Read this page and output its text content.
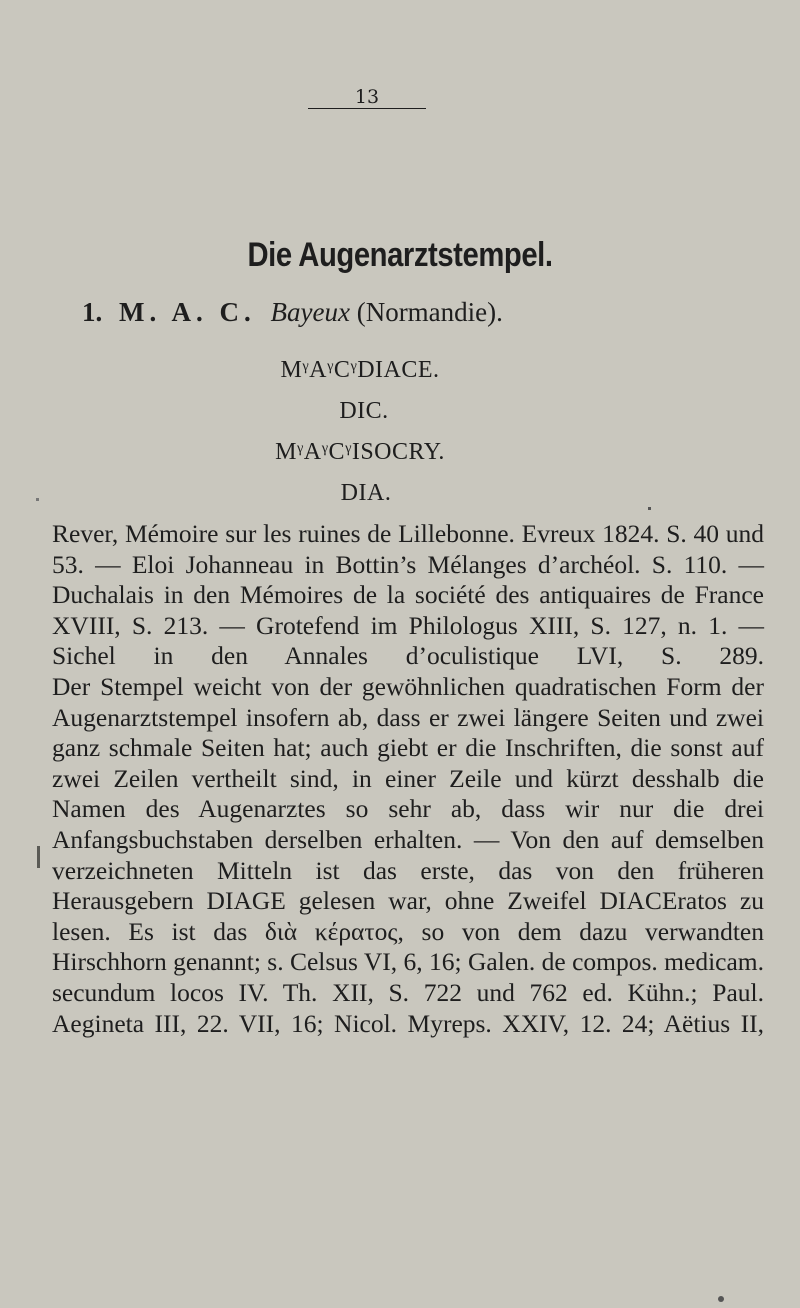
13
Die Augenarztstempel.
1. M. A. C. Bayeux (Normandie).
MᵞAᵞCᵞDIACE.
DIC.
MᵞAᵞCᵞISOCRY.
DIA.

Rever, Mémoire sur les ruines de Lillebonne. Evreux 1824. S. 40 und 53. — Eloi Johanneau in Bottin’s Mélanges d’archéol. S. 110. — Duchalais in den Mémoires de la société des antiquaires de France XVIII, S. 213. — Grotefend im Philologus XIII, S. 127, n. 1. — Sichel in den Annales d’oculistique LVI, S. 289.

Der Stempel weicht von der gewöhnlichen quadratischen Form der Augenarztstempel insofern ab, dass er zwei längere Seiten und zwei ganz schmale Seiten hat; auch giebt er die Inschriften, die sonst auf zwei Zeilen vertheilt sind, in einer Zeile und kürzt desshalb die Namen des Augenarztes so sehr ab, dass wir nur die drei Anfangsbuchstaben derselben erhalten. — Von den auf demselben verzeichneten Mitteln ist das erste, das von den früheren Herausgebern DIAGE gelesen war, ohne Zweifel DIACEratos zu lesen. Es ist das διὰ κέρατος, so von dem dazu verwandten Hirschhorn genannt; s. Celsus VI, 6, 16; Galen. de compos. medicam. secundum locos IV. Th. XII, S. 722 und 762 ed. Kühn.; Paul. Aegineta III, 22. VII, 16; Nicol. Myreps. XXIV, 12. 24; Aëtius II,
